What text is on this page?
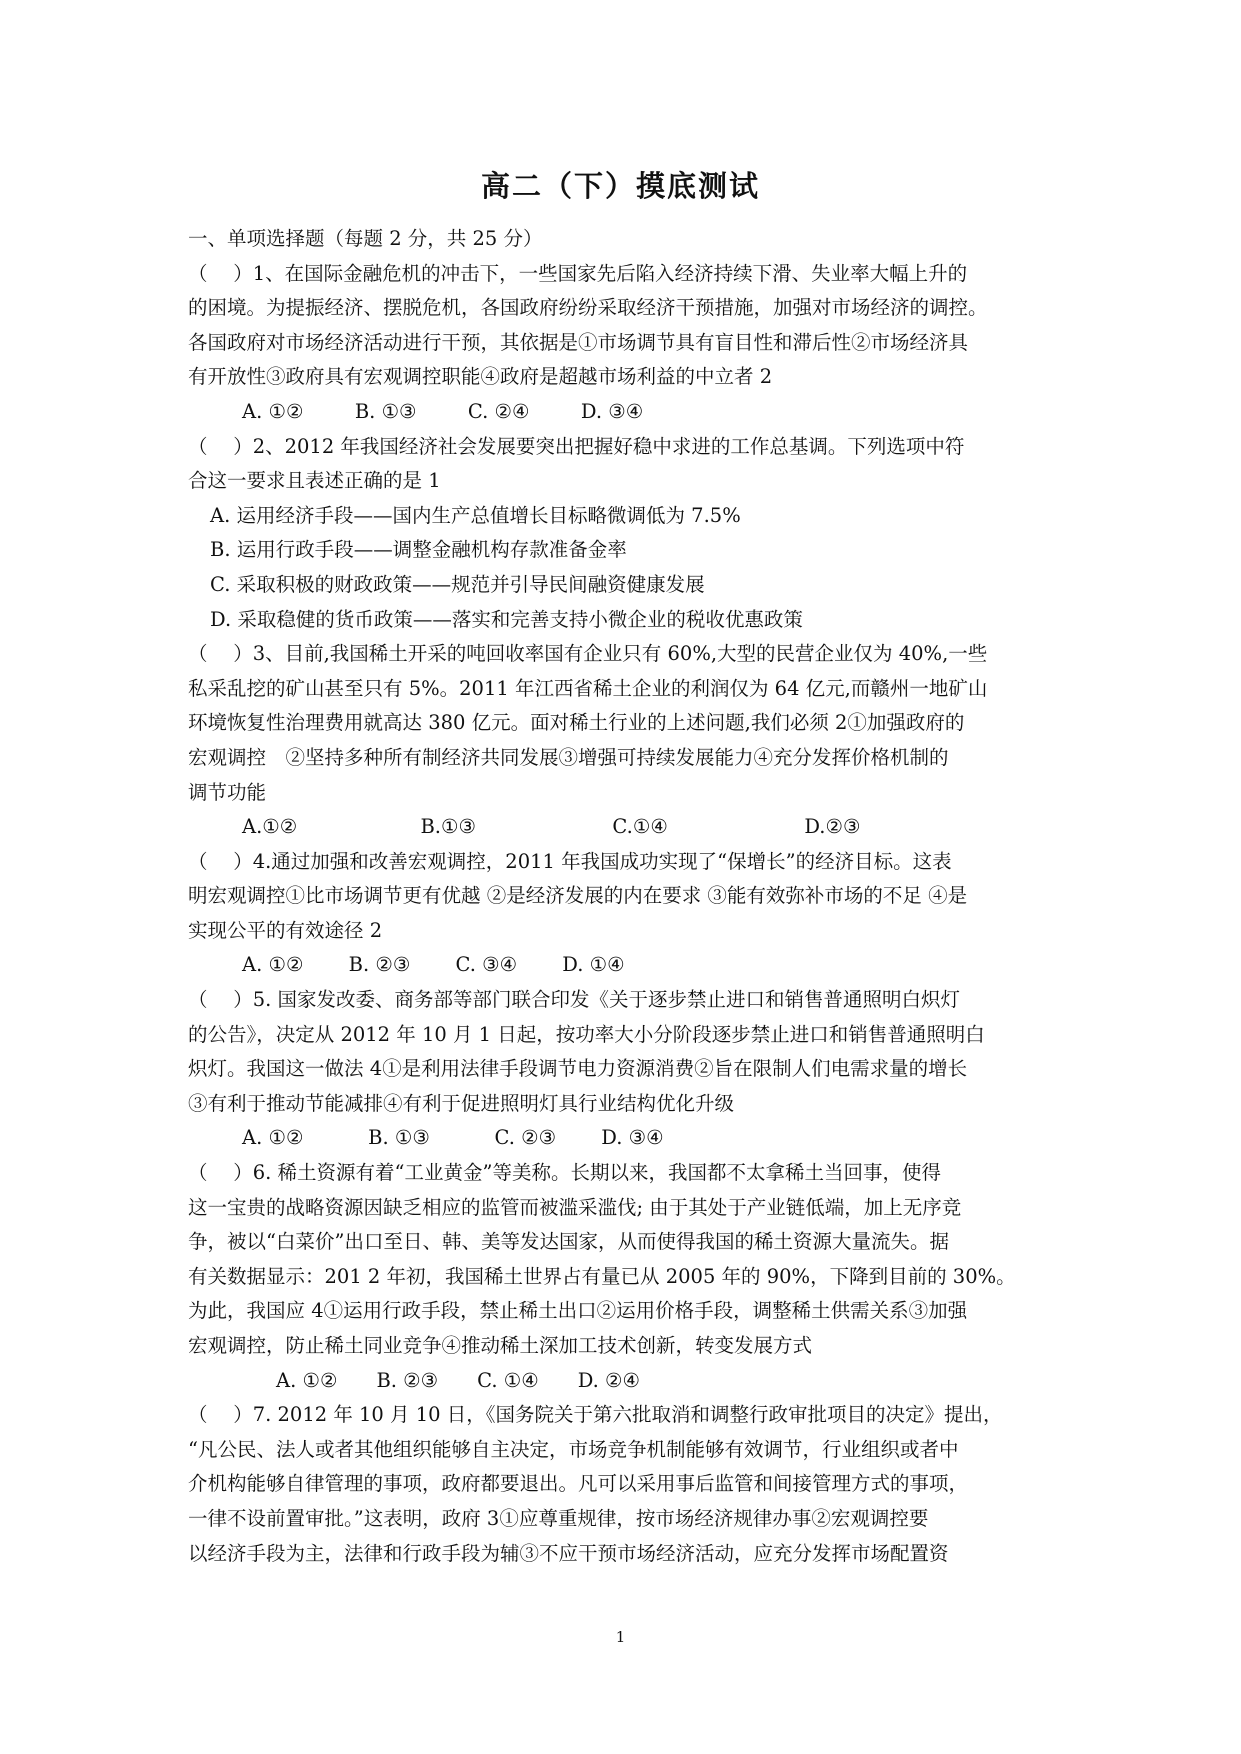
高二（下）摸底测试
一、单项选择题（每题 2 分，共 25 分）
（　 ）1、在国际金融危机的冲击下，一些国家先后陷入经济持续下滑、失业率大幅上升的
的困境。为提振经济、摆脱危机，各国政府纷纷采取经济干预措施，加强对市场经济的调控。
各国政府对市场经济活动进行干预，其依据是①市场调节具有盲目性和滞后性②市场经济具
有开放性③政府具有宏观调控职能④政府是超越市场利益的中立者 2
A. ①②　　  B. ①③　　  C. ②④　　  D. ③④
（　 ）2、2012 年我国经济社会发展要突出把握好稳中求进的工作总基调。下列选项中符
合这一要求且表述正确的是 1
A. 运用经济手段——国内生产总值增长目标略微调低为 7.5%
B. 运用行政手段——调整金融机构存款准备金率
C. 采取积极的财政政策——规范并引导民间融资健康发展
D. 采取稳健的货币政策——落实和完善支持小微企业的税收优惠政策
（　 ）3、目前,我国稀土开采的吨回收率国有企业只有 60%,大型的民营企业仅为 40%,一些
私采乱挖的矿山甚至只有 5%。2011 年江西省稀土企业的利润仅为 64 亿元,而赣州一地矿山
环境恢复性治理费用就高达 380 亿元。面对稀土行业的上述问题,我们必须 2①加强政府的
宏观调控　②坚持多种所有制经济共同发展③增强可持续发展能力④充分发挥价格机制的
调节功能
A.①②　　　　　　 B.①③　　　　　　　C.①④　　　　　　　D.②③
（　 ）4.通过加强和改善宏观调控，2011 年我国成功实现了“保增长”的经济目标。这表
明宏观调控①比市场调节更有优越 ②是经济发展的内在要求 ③能有效弥补市场的不足 ④是
实现公平的有效途径 2
A. ①②　　 B. ②③　　 C. ③④　　 D. ①④
（　 ）5. 国家发改委、商务部等部门联合印发《关于逐步禁止进口和销售普通照明白炽灯
的公告》，决定从 2012 年 10 月 1 日起，按功率大小分阶段逐步禁止进口和销售普通照明白
炽灯。我国这一做法 4①是利用法律手段调节电力资源消费②旨在限制人们电需求量的增长
③有利于推动节能减排④有利于促进照明灯具行业结构优化升级
A. ①②　　　 B. ①③　　　 C. ②③　　 D. ③④
（　 ）6. 稀土资源有着“工业黄金”等美称。长期以来，我国都不太拿稀土当回事，使得
这一宝贵的战略资源因缺乏相应的监管而被滥采滥伐; 由于其处于产业链低端，加上无序竞
争，被以“白菜价”出口至日、韩、美等发达国家，从而使得我国的稀土资源大量流失。据
有关数据显示：201 2 年初，我国稀土世界占有量已从 2005 年的 90%，下降到目前的 30%。
为此，我国应 4①运用行政手段，禁止稀土出口②运用价格手段，调整稀土供需关系③加强
宏观调控，防止稀土同业竞争④推动稀土深加工技术创新，转变发展方式
A. ①②　　B. ②③　　C. ①④　　D. ②④
（　 ）7. 2012 年 10 月 10 日，《国务院关于第六批取消和调整行政审批项目的决定》提出，
“凡公民、法人或者其他组织能够自主决定，市场竞争机制能够有效调节，行业组织或者中
介机构能够自律管理的事项，政府都要退出。凡可以采用事后监管和间接管理方式的事项，
一律不设前置审批。”这表明，政府 3①应尊重规律，按市场经济规律办事②宏观调控要
以经济手段为主，法律和行政手段为辅③不应干预市场经济活动，应充分发挥市场配置资
1
